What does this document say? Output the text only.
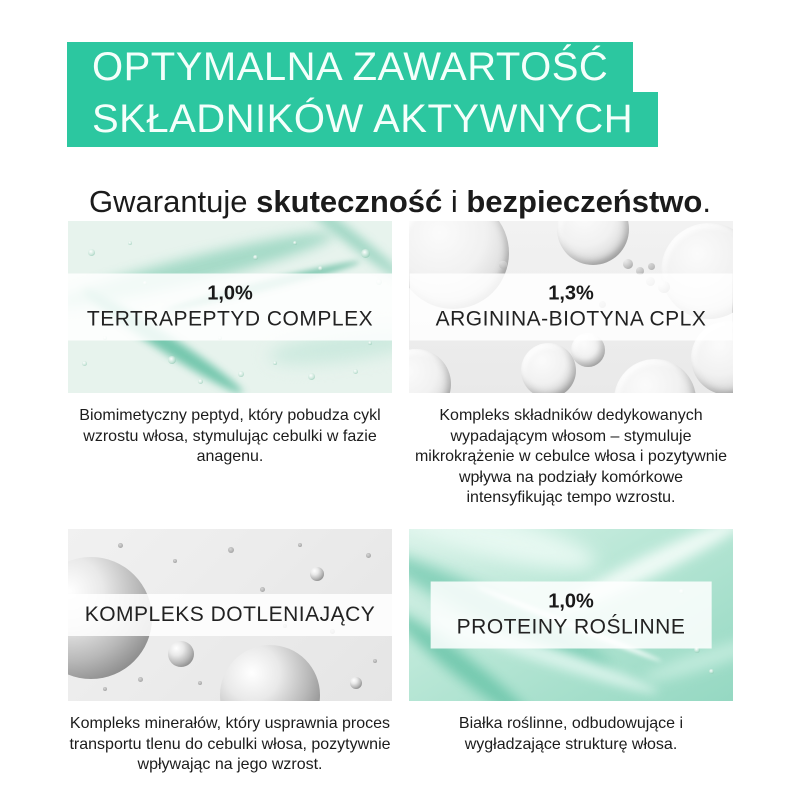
OPTYMALNA ZAWARTOŚĆ
SKŁADNIKÓW AKTYWNYCH

Gwarantuje skuteczność i bezpieczeństwo.

1,0%
TERTRAPEPTYD COMPLEX

Biomimetyczny peptyd, który pobudza cykl wzrostu włosa, stymulując cebulki w fazie anagenu.

1,3%
ARGININA-BIOTYNA CPLX

Kompleks składników dedykowanych wypadającym włosom – stymuluje mikrokrążenie w cebulce włosa i pozytywnie wpływa na podziały komórkowe intensyfikując tempo wzrostu.

KOMPLEKS DOTLENIAJĄCY

Kompleks minerałów, który usprawnia proces transportu tlenu do cebulki włosa, pozytywnie wpływając na jego wzrost.

1,0%
PROTEINY ROŚLINNE

Białka roślinne, odbudowujące i wygładzające strukturę włosa.
